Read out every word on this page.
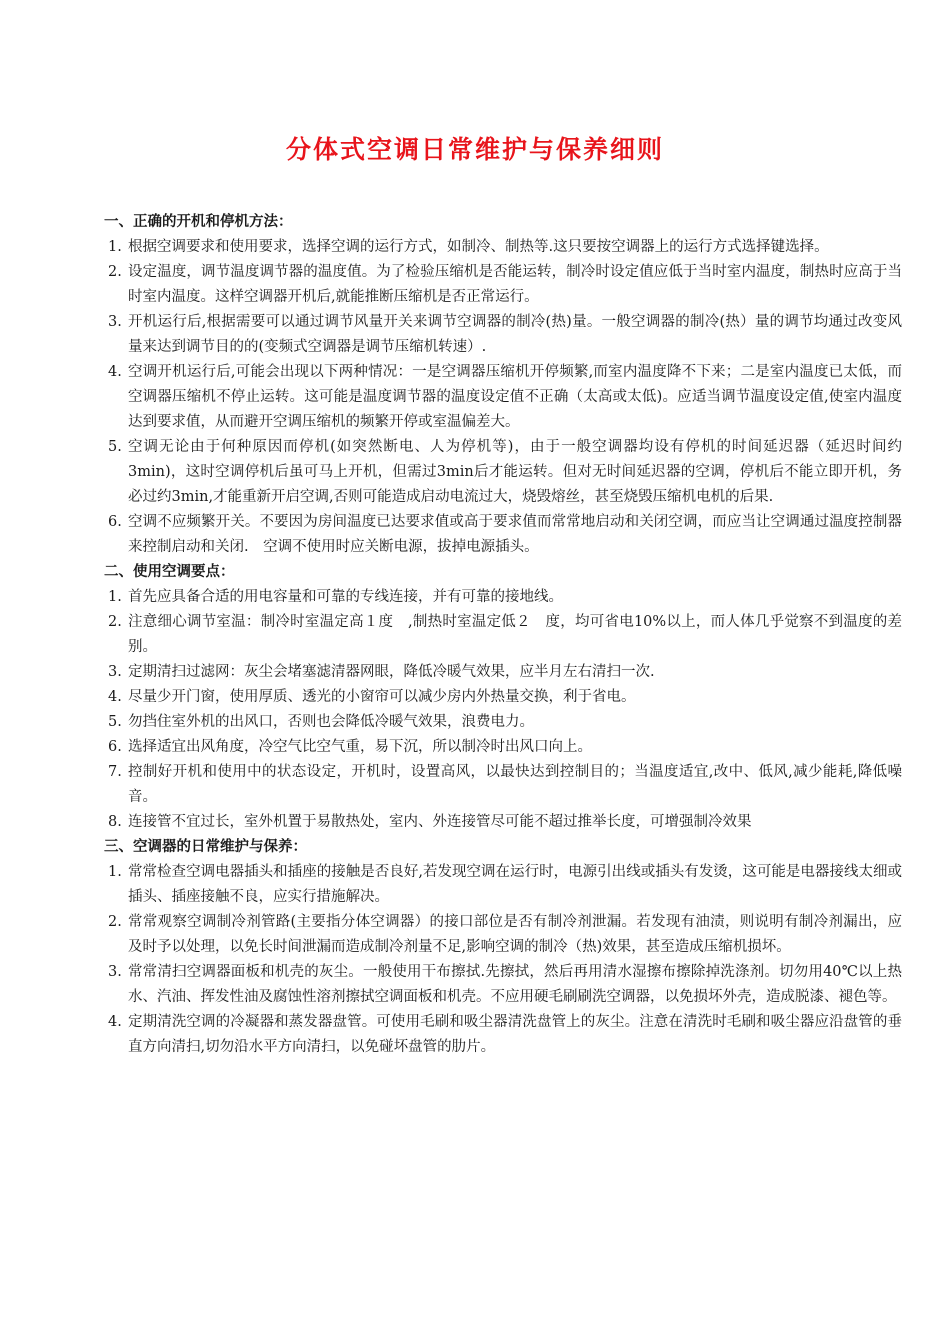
分体式空调日常维护与保养细则
一、正确的开机和停机方法：
1. 根据空调要求和使用要求，选择空调的运行方式，如制冷、制热等.这只要按空调器上的运行方式选择键选择。
2. 设定温度，调节温度调节器的温度值。为了检验压缩机是否能运转，制冷时设定值应低于当时室内温度，制热时应高于当时室内温度。这样空调器开机后,就能推断压缩机是否正常运行。
3. 开机运行后,根据需要可以通过调节风量开关来调节空调器的制冷(热)量。一般空调器的制冷(热）量的调节均通过改变风量来达到调节目的的(变频式空调器是调节压缩机转速）.
4. 空调开机运行后,可能会出现以下两种情况：一是空调器压缩机开停频繁,而室内温度降不下来；二是室内温度已太低，而空调器压缩机不停止运转。这可能是温度调节器的温度设定值不正确（太高或太低)。应适当调节温度设定值,使室内温度达到要求值，从而避开空调压缩机的频繁开停或室温偏差大。
5. 空调无论由于何种原因而停机(如突然断电、人为停机等)，由于一般空调器均设有停机的时间延迟器（延迟时间约　3min)，这时空调停机后虽可马上开机，但需过3min后才能运转。但对无时间延迟器的空调，停机后不能立即开机，务必过约3min,才能重新开启空调,否则可能造成启动电流过大，烧毁熔丝，甚至烧毁压缩机电机的后果.
6. 空调不应频繁开关。不要因为房间温度已达要求值或高于要求值而常常地启动和关闭空调，而应当让空调通过温度控制器来控制启动和关闭.　空调不使用时应关断电源，拔掉电源插头。
二、使用空调要点：
1. 首先应具备合适的用电容量和可靠的专线连接，并有可靠的接地线。
2. 注意细心调节室温：制冷时室温定高１度　,制热时室温定低２　度，均可省电10%以上，而人体几乎觉察不到温度的差别。
3. 定期清扫过滤网：灰尘会堵塞滤清器网眼，降低冷暖气效果，应半月左右清扫一次.
4. 尽量少开门窗，使用厚质、透光的小窗帘可以减少房内外热量交换，利于省电。
5. 勿挡住室外机的出风口，否则也会降低冷暖气效果，浪费电力。
6. 选择适宜出风角度，冷空气比空气重，易下沉，所以制冷时出风口向上。
7. 控制好开机和使用中的状态设定，开机时，设置高风，以最快达到控制目的；当温度适宜,改中、低风,减少能耗,降低噪音。
8. 连接管不宜过长，室外机置于易散热处，室内、外连接管尽可能不超过推举长度，可增强制冷效果
三、空调器的日常维护与保养：
1. 常常检查空调电器插头和插座的接触是否良好,若发现空调在运行时，电源引出线或插头有发烫，这可能是电器接线太细或插头、插座接触不良，应实行措施解决。
2. 常常观察空调制冷剂管路(主要指分体空调器）的接口部位是否有制冷剂泄漏。若发现有油渍，则说明有制冷剂漏出，应及时予以处理，以免长时间泄漏而造成制冷剂量不足,影响空调的制冷（热)效果，甚至造成压缩机损坏。
3. 常常清扫空调器面板和机壳的灰尘。一般使用干布擦拭.先擦拭，然后再用清水湿擦布擦除掉洗涤剂。切勿用40℃以上热水、汽油、挥发性油及腐蚀性溶剂擦拭空调面板和机壳。不应用硬毛刷刷洗空调器，以免损坏外壳，造成脱漆、褪色等。
4. 定期清洗空调的冷凝器和蒸发器盘管。可使用毛刷和吸尘器清洗盘管上的灰尘。注意在清洗时毛刷和吸尘器应沿盘管的垂直方向清扫,切勿沿水平方向清扫，以免碰坏盘管的肋片。
